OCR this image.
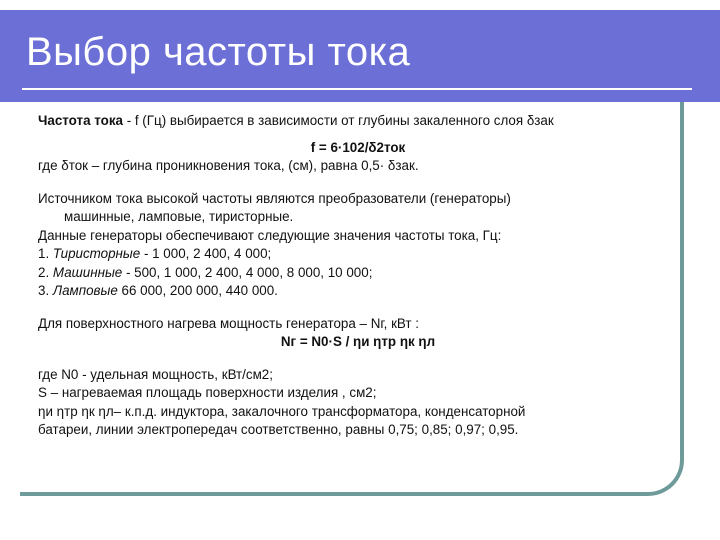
Выбор частоты тока
Частота тока - f (Гц) выбирается в зависимости от глубины закаленного слоя δзак
f = 6·102/δ2ток
где δток – глубина проникновения тока, (см), равна 0,5· δзак.
Источником тока высокой частоты являются преобразователи (генераторы)
машинные, ламповые, тиристорные.
Данные генераторы обеспечивают следующие значения частоты тока, Гц:
1. Тиристорные - 1 000, 2 400, 4 000;
2. Машинные - 500, 1 000, 2 400, 4 000, 8 000, 10 000;
3. Ламповые 66 000, 200 000, 440 000.
Для поверхностного нагрева мощность генератора – Nг, кВт :
Nг = N0·S / ηи ηтр ηк ηл
где N0 - удельная мощность, кВт/см2;
S – нагреваемая площадь поверхности изделия , см2;
ηи ηтр ηк ηл– к.п.д. индуктора, закалочного трансформатора, конденсаторной
батареи, линии электропередач соответственно, равны 0,75; 0,85; 0,97; 0,95.
